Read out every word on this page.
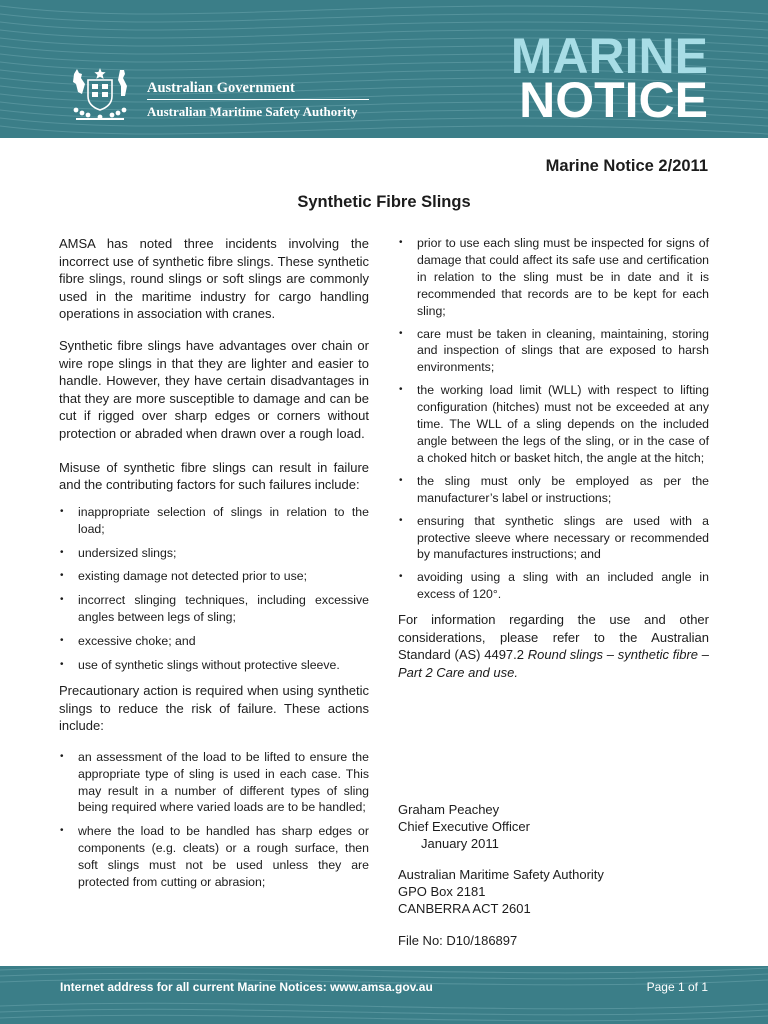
Australian Government
Australian Maritime Safety Authority
MARINE
NOTICE
Marine Notice 2/2011
Synthetic Fibre Slings

AMSA has noted three incidents involving the incorrect use of synthetic fibre slings. These synthetic fibre slings, round slings or soft slings are commonly used in the maritime industry for cargo handling operations in association with cranes.

Synthetic fibre slings have advantages over chain or wire rope slings in that they are lighter and easier to handle. However, they have certain disadvantages in that they are more susceptible to damage and can be cut if rigged over sharp edges or corners without protection or abraded when drawn over a rough load.

Misuse of synthetic fibre slings can result in failure and the contributing factors for such failures include:

• inappropriate selection of slings in relation to the load;
• undersized slings;
• existing damage not detected prior to use;
• incorrect slinging techniques, including excessive angles between legs of sling;
• excessive choke; and
• use of synthetic slings without protective sleeve.

Precautionary action is required when using synthetic slings to reduce the risk of failure. These actions include:

• an assessment of the load to be lifted to ensure the appropriate type of sling is used in each case. This may result in a number of different types of sling being required where varied loads are to be handled;
• where the load to be handled has sharp edges or components (e.g. cleats) or a rough surface, then soft slings must not be used unless they are protected from cutting or abrasion;
• prior to use each sling must be inspected for signs of damage that could affect its safe use and certification in relation to the sling must be in date and it is recommended that records are to be kept for each sling;
• care must be taken in cleaning, maintaining, storing and inspection of slings that are exposed to harsh environments;
• the working load limit (WLL) with respect to lifting configuration (hitches) must not be exceeded at any time. The WLL of a sling depends on the included angle between the legs of the sling, or in the case of a choked hitch or basket hitch, the angle at the hitch;
• the sling must only be employed as per the manufacturer’s label or instructions;
• ensuring that synthetic slings are used with a protective sleeve where necessary or recommended by manufactures instructions; and
• avoiding using a sling with an included angle in excess of 120°.

For information regarding the use and other considerations, please refer to the Australian Standard (AS) 4497.2 Round slings – synthetic fibre – Part 2 Care and use.

Graham Peachey
Chief Executive Officer
January 2011
Australian Maritime Safety Authority
GPO Box 2181
CANBERRA ACT 2601
File No: D10/186897
Internet address for all current Marine Notices: www.amsa.gov.au	Page 1 of 1
